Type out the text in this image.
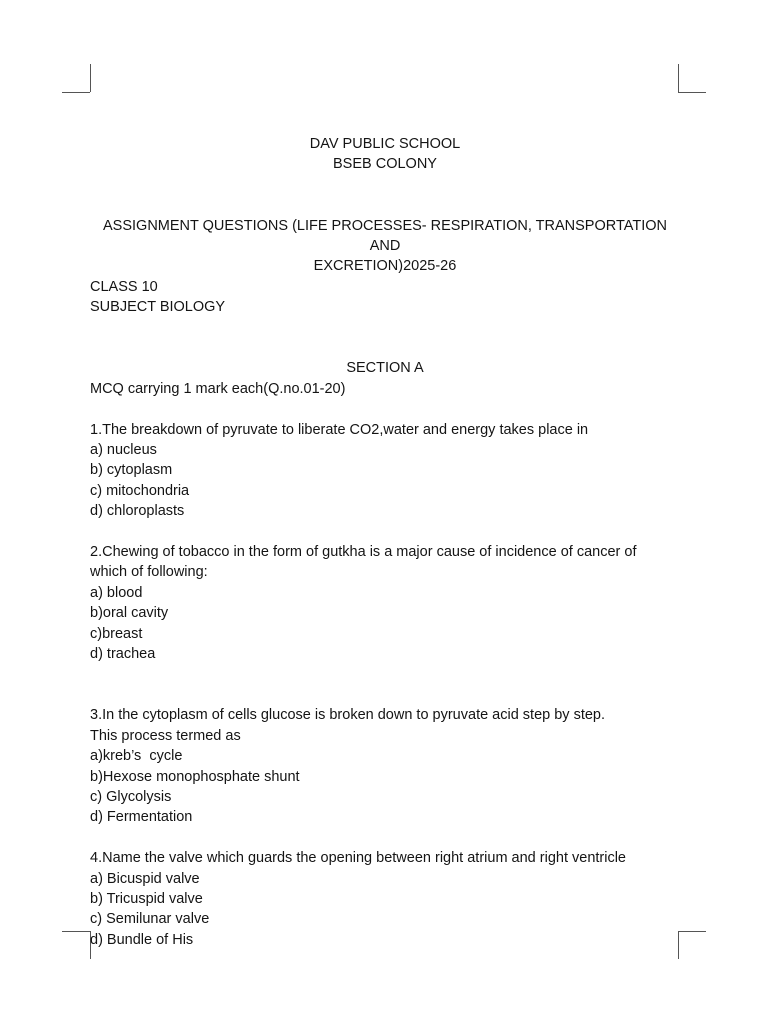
DAV PUBLIC SCHOOL
BSEB COLONY
ASSIGNMENT QUESTIONS (LIFE PROCESSES- RESPIRATION, TRANSPORTATION AND
EXCRETION)2025-26
CLASS 10
SUBJECT BIOLOGY
SECTION A
MCQ carrying 1 mark each(Q.no.01-20)
1.The breakdown of pyruvate to liberate CO2,water and energy takes place in
a) nucleus
b) cytoplasm
c) mitochondria
d) chloroplasts
2.Chewing of tobacco in the form of gutkha is a major cause of incidence of cancer of
which of following:
a) blood
b)oral cavity
c)breast
d) trachea
3.In the cytoplasm of cells glucose is broken down to pyruvate acid step by step.
This process termed as
a)kreb’s  cycle
b)Hexose monophosphate shunt
c) Glycolysis
d) Fermentation
4.Name the valve which guards the opening between right atrium and right ventricle
a) Bicuspid valve
b) Tricuspid valve
c) Semilunar valve
d) Bundle of His
